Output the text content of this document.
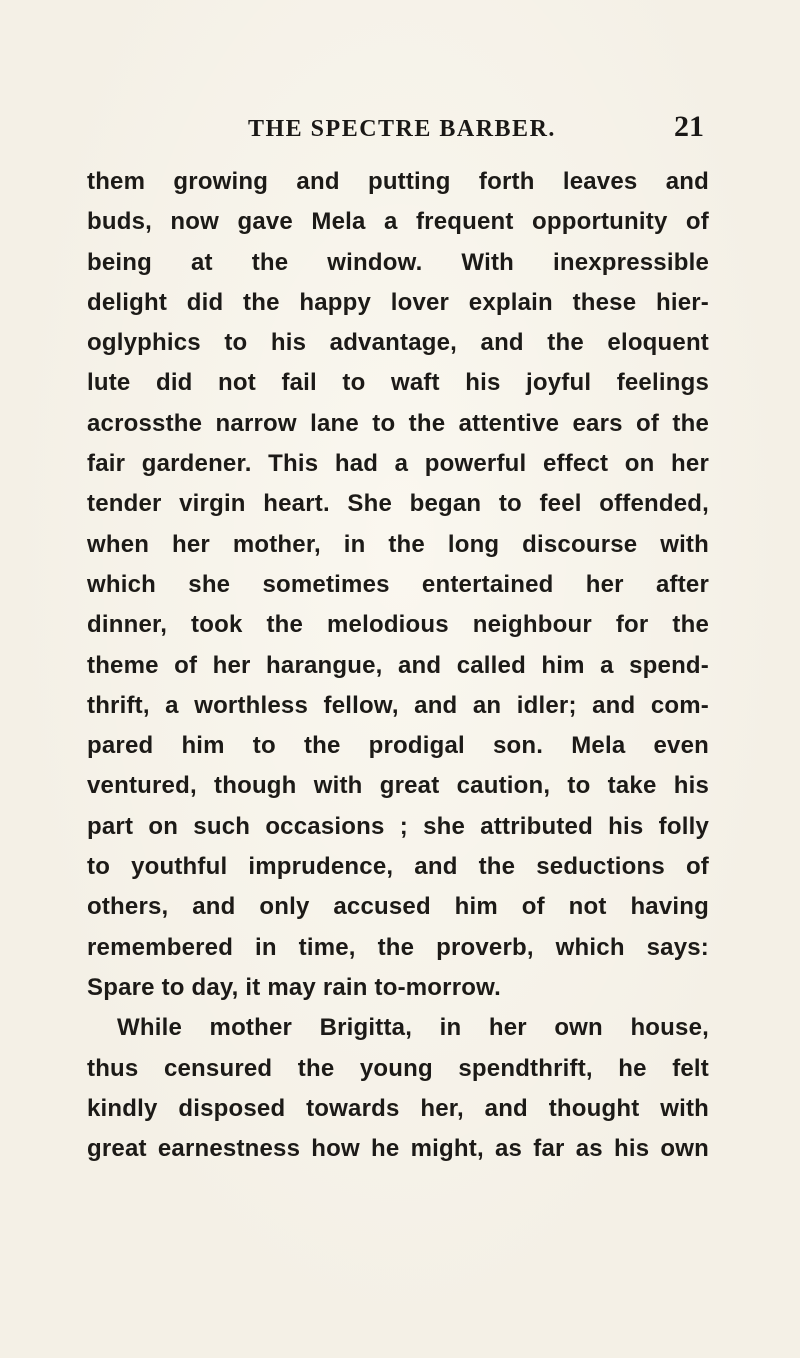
THE SPECTRE BARBER.	21
them growing and putting forth leaves and
buds, now gave Mela a frequent opportunity of
being at the window. With inexpressible
delight did the happy lover explain these hier-
oglyphics to his advantage, and the eloquent
lute did not fail to waft his joyful feelings
acrossthe narrow lane to the attentive ears of the
fair gardener. This had a powerful effect on her
tender virgin heart. She began to feel offended,
when her mother, in the long discourse with
which she sometimes entertained her after
dinner, took the melodious neighbour for the
theme of her harangue, and called him a spend-
thrift, a worthless fellow, and an idler; and com-
pared him to the prodigal son. Mela even
ventured, though with great caution, to take his
part on such occasions ; she attributed his folly
to youthful imprudence, and the seductions of
others, and only accused him of not having
remembered in time, the proverb, which says:
Spare to day, it may rain to-morrow.
While mother Brigitta, in her own house,
thus censured the young spendthrift, he felt
kindly disposed towards her, and thought with
great earnestness how he might, as far as his own
